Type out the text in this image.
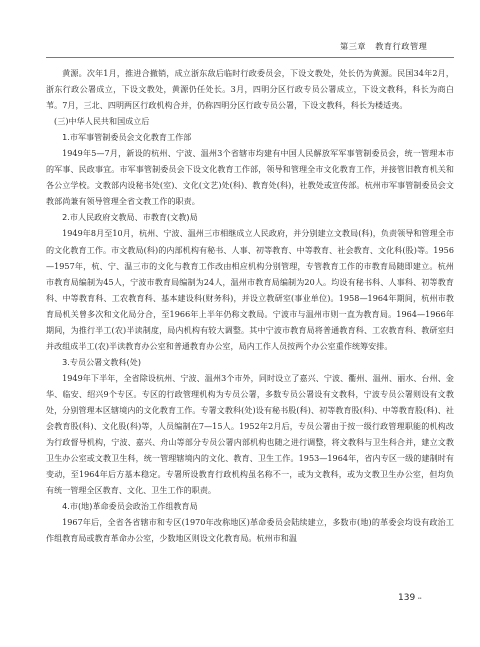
第三章 教育行政管理

黄源。次年1月，推进合撤销，成立浙东敌后临时行政委员会，下设文教处，处长仍为黄源。民国34年2月，浙东行政公署成立，下设文教处，黄源仍任处长。3月，四明分区行政专员公署成立，下设文教科，科长为商白苇。7月，三北、四明两区行政机构合并，仍称四明分区行政专员公署，下设文教科，科长为楼适夷。

(三)中华人民共和国成立后

1.市军事管制委员会文化教育工作部

1949年5—7月，新设的杭州、宁波、温州3个省辖市均建有中国人民解放军军事管制委员会，统一管理本市的军事、民政事宜。市军事管制委员会下设文化教育工作部，领导和管理全市文化教育工作，并接管旧教育机关和各公立学校。文教部内设秘书处(室)、文化(文艺)处(科)、教育处(科)，社教处或宣传部。杭州市军事管制委员会文教部尚兼有领导管理全省文教工作的职责。

2.市人民政府文教局、市教育(文教)局

1949年8月至10月，杭州、宁波、温州三市相继成立人民政府，并分别建立文教局(科)，负责领导和管理全市的文化教育工作。市文教局(科)的内部机构有秘书、人事、初等教育、中等教育、社会教育、文化科(股)等。1956—1957年，杭、宁、温三市的文化与教育工作改由相应机构分别管理，专管教育工作的市教育局随即建立。杭州市教育局编制为45人，宁波市教育局编制为24人，温州市教育局编制为20人。均设有秘书科、人事科、初等教育科、中等教育科、工农教育科、基本建设科(财务科)，并设立教研室(事业单位)。1958—1964年期间，杭州市教育局机关曾多次和文化局分合，至1966年上半年仍称文教局。宁波市与温州市则一直为教育局。1964—1966年期间，为推行半工(农)半读制度，局内机构有较大调整。其中宁波市教育局将普通教育科、工农教育科、教研室归并改组成半工(农)半读教育办公室和普通教育办公室，局内工作人员按两个办公室重作统筹安排。

3.专员公署文教科(处)

1949年下半年，全省除设杭州、宁波、温州3个市外，同时设立了嘉兴、宁波、衢州、温州、丽水、台州、金华、临安、绍兴9个专区。专区的行政管理机构为专员公署，多数专员公署设有文教科，宁波专员公署则设有文教处，分别管理本区辖境内的文化教育工作。专署文教科(处)设有秘书股(科)、初等教育股(科)、中等教育股(科)、社会教育股(科)、文化股(科)等，人员编制在7—15人。1952年2月后，专员公署由于按一级行政管理职能的机构改为行政督导机构，宁波、嘉兴、舟山等部分专员公署内部机构也随之进行调整，将文教科与卫生科合并，建立文教卫生办公室或文教卫生科，统一管理辖境内的文化、教育、卫生工作。1953—1964年，省内专区一级的建制时有变动，至1964年后方基本稳定。专署所设教育行政机构虽名称不一，或为文教科，或为文教卫生办公室，但均负有统一管理全区教育、文化、卫生工作的职责。

4.市(地)革命委员会政治工作组教育局

1967年后，全省各省辖市和专区(1970年改称地区)革命委员会陆续建立，多数市(地)的革委会均设有政治工作组教育局或教育革命办公室，少数地区则设文化教育局。杭州市和温

139 ••
